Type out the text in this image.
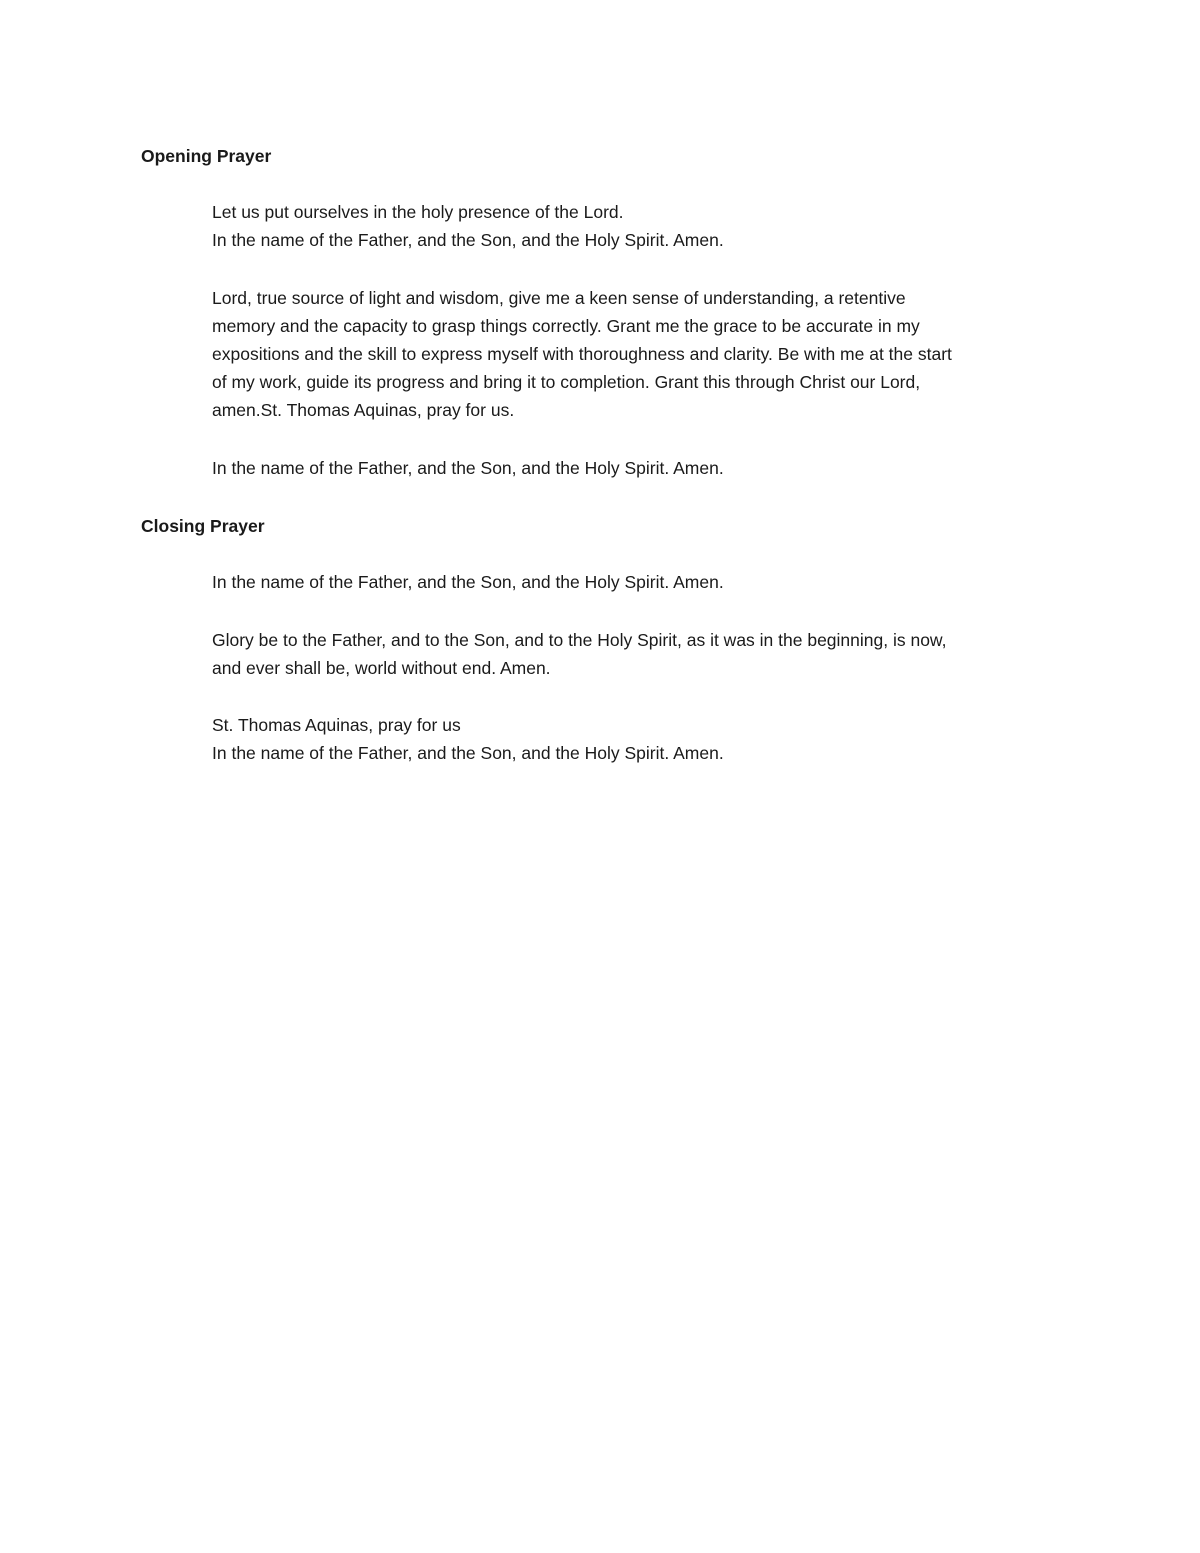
Opening Prayer

Let us put ourselves in the holy presence of the Lord.

In the name of the Father, and the Son, and the Holy Spirit. Amen.

Lord, true source of light and wisdom, give me a keen sense of understanding, a retentive

memory and the capacity to grasp things correctly. Grant me the grace to be accurate in my

expositions and the skill to express myself with thoroughness and clarity. Be with me at the start

of my work, guide its progress and bring it to completion. Grant this through Christ our Lord,

amen.St. Thomas Aquinas, pray for us.

In the name of the Father, and the Son, and the Holy Spirit. Amen.

Closing Prayer

In the name of the Father, and the Son, and the Holy Spirit. Amen.

Glory be to the Father, and to the Son, and to the Holy Spirit, as it was in the beginning, is now,

and ever shall be, world without end. Amen.

St. Thomas Aquinas, pray for us

In the name of the Father, and the Son, and the Holy Spirit. Amen.
